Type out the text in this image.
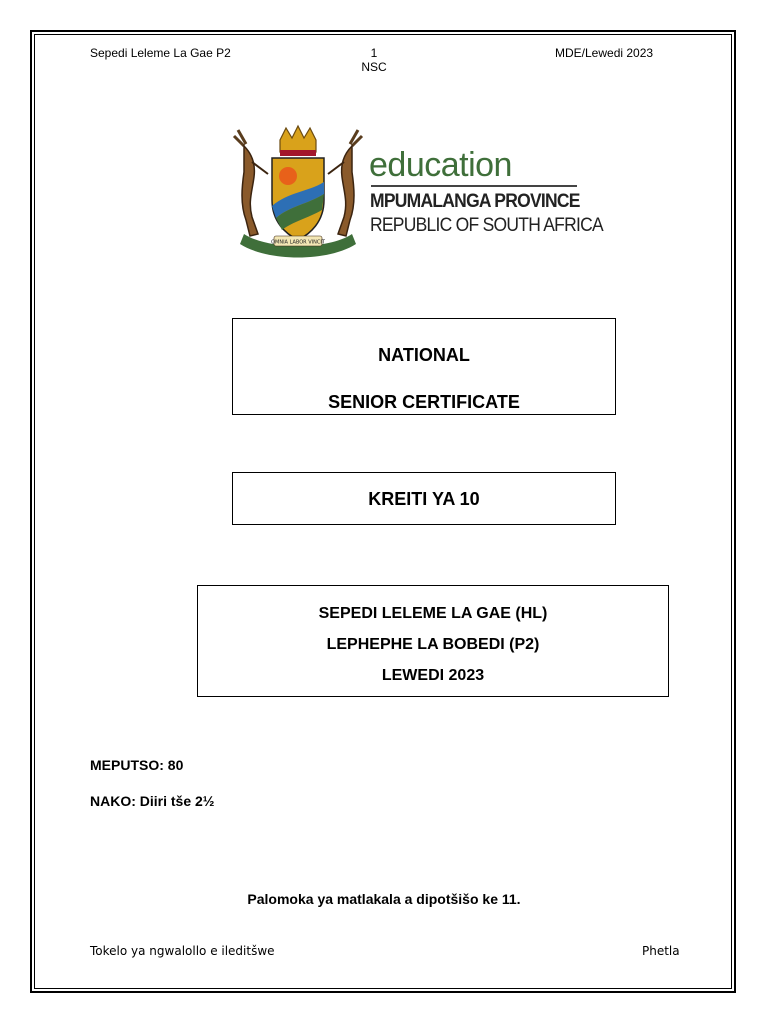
Sepedi Leleme La Gae P2	1
NSC
MDE/Lewedi 2023
OMNIA LABOR VINCIT
education
MPUMALANGA PROVINCE
REPUBLIC OF SOUTH AFRICA
NATIONAL
SENIOR CERTIFICATE
KREITI YA 10
SEPEDI LELEME LA GAE (HL)
LEPHEPHE LA BOBEDI (P2)
LEWEDI 2023
MEPUTSO: 80
NAKO: Diiri tše 2½
Palomoka ya matlakala a dipotšišo ke 11.
Tokelo ya ngwalollo e ileditšwe	Phetla
